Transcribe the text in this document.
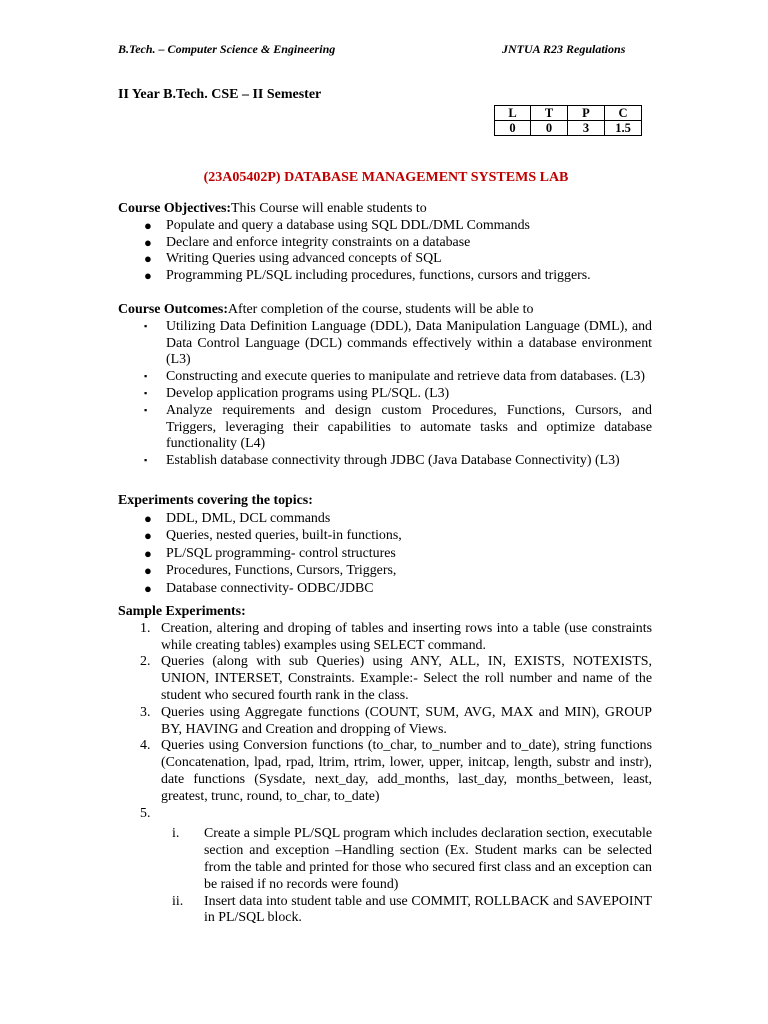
B.Tech. – Computer Science & Engineering	JNTUA R23 Regulations
II Year B.Tech. CSE – II Semester
L	T	P	C
0	0	3	1.5
(23A05402P) DATABASE MANAGEMENT SYSTEMS LAB
Course Objectives:This Course will enable students to
● Populate and query a database using SQL DDL/DML Commands
● Declare and enforce integrity constraints on a database
● Writing Queries using advanced concepts of SQL
● Programming PL/SQL including procedures, functions, cursors and triggers.
Course Outcomes:After completion of the course, students will be able to
▪ Utilizing Data Definition Language (DDL), Data Manipulation Language (DML), and Data Control Language (DCL) commands effectively within a database environment (L3)
▪ Constructing and execute queries to manipulate and retrieve data from databases. (L3)
▪ Develop application programs using PL/SQL. (L3)
▪ Analyze requirements and design custom Procedures, Functions, Cursors, and Triggers, leveraging their capabilities to automate tasks and optimize database functionality (L4)
▪ Establish database connectivity through JDBC (Java Database Connectivity) (L3)
Experiments covering the topics:
● DDL, DML, DCL commands
● Queries, nested queries, built-in functions,
● PL/SQL programming- control structures
● Procedures, Functions, Cursors, Triggers,
● Database connectivity- ODBC/JDBC
Sample Experiments:
1. Creation, altering and droping of tables and inserting rows into a table (use constraints while creating tables) examples using SELECT command.
2. Queries (along with sub Queries) using ANY, ALL, IN, EXISTS, NOTEXISTS, UNION, INTERSET, Constraints. Example:- Select the roll number and name of the student who secured fourth rank in the class.
3. Queries using Aggregate functions (COUNT, SUM, AVG, MAX and MIN), GROUP BY, HAVING and Creation and dropping of Views.
4. Queries using Conversion functions (to_char, to_number and to_date), string functions (Concatenation, lpad, rpad, ltrim, rtrim, lower, upper, initcap, length, substr and instr), date functions (Sysdate, next_day, add_months, last_day, months_between, least, greatest, trunc, round, to_char, to_date)
5.
i. Create a simple PL/SQL program which includes declaration section, executable section and exception –Handling section (Ex. Student marks can be selected from the table and printed for those who secured first class and an exception can be raised if no records were found)
ii. Insert data into student table and use COMMIT, ROLLBACK and SAVEPOINT in PL/SQL block.
